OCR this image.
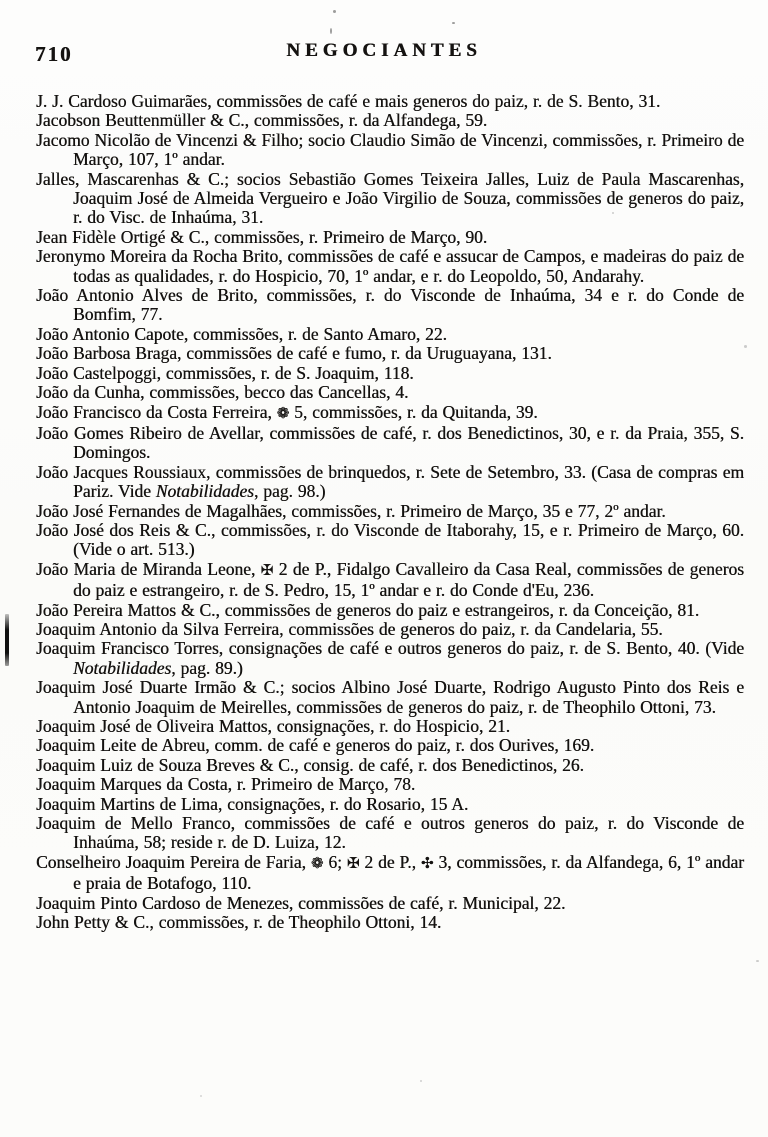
710	NEGOCIANTES
J. J. Cardoso Guimarães, commissões de café e mais generos do paiz, r. de S. Bento, 31.
Jacobson Beuttenmüller & C., commissões, r. da Alfandega, 59.
Jacomo Nicolão de Vincenzi & Filho; socio Claudio Simão de Vincenzi, commissões, r. Primeiro de Março, 107, 1º andar.
Jalles, Mascarenhas & C.; socios Sebastião Gomes Teixeira Jalles, Luiz de Paula Mascarenhas, Joaquim José de Almeida Vergueiro e João Virgilio de Souza, commissões de generos do paiz, r. do Visc. de Inhaúma, 31.
Jean Fidèle Ortigé & C., commissões, r. Primeiro de Março, 90.
Jeronymo Moreira da Rocha Brito, commissões de café e assucar de Campos, e madeiras do paiz de todas as qualidades, r. do Hospicio, 70, 1º andar, e r. do Leopoldo, 50, Andarahy.
João Antonio Alves de Brito, commissões, r. do Visconde de Inhaúma, 34 e r. do Conde de Bomfim, 77.
João Antonio Capote, commissões, r. de Santo Amaro, 22.
João Barbosa Braga, commissões de café e fumo, r. da Uruguayana, 131.
João Castelpoggi, commissões, r. de S. Joaquim, 118.
João da Cunha, commissões, becco das Cancellas, 4.
João Francisco da Costa Ferreira, ❁ 5, commissões, r. da Quitanda, 39.
João Gomes Ribeiro de Avellar, commissões de café, r. dos Benedictinos, 30, e r. da Praia, 355, S. Domingos.
João Jacques Roussiaux, commissões de brinquedos, r. Sete de Setembro, 33. (Casa de compras em Pariz. Vide Notabilidades, pag. 98.)
João José Fernandes de Magalhães, commissões, r. Primeiro de Março, 35 e 77, 2º andar.
João José dos Reis & C., commissões, r. do Visconde de Itaborahy, 15, e r. Primeiro de Março, 60. (Vide o art. 513.)
João Maria de Miranda Leone, ✠ 2 de P., Fidalgo Cavalleiro da Casa Real, commissões de generos do paiz e estrangeiro, r. de S. Pedro, 15, 1º andar e r. do Conde d'Eu, 236.
João Pereira Mattos & C., commissões de generos do paiz e estrangeiros, r. da Conceição, 81.
Joaquim Antonio da Silva Ferreira, commissões de generos do paiz, r. da Candelaria, 55.
Joaquim Francisco Torres, consignações de café e outros generos do paiz, r. de S. Bento, 40. (Vide Notabilidades, pag. 89.)
Joaquim José Duarte Irmão & C.; socios Albino José Duarte, Rodrigo Augusto Pinto dos Reis e Antonio Joaquim de Meirelles, commissões de generos do paiz, r. de Theophilo Ottoni, 73.
Joaquim José de Oliveira Mattos, consignações, r. do Hospicio, 21.
Joaquim Leite de Abreu, comm. de café e generos do paiz, r. dos Ourives, 169.
Joaquim Luiz de Souza Breves & C., consig. de café, r. dos Benedictinos, 26.
Joaquim Marques da Costa, r. Primeiro de Março, 78.
Joaquim Martins de Lima, consignações, r. do Rosario, 15 A.
Joaquim de Mello Franco, commissões de café e outros generos do paiz, r. do Visconde de Inhaúma, 58; reside r. de D. Luiza, 12.
Conselheiro Joaquim Pereira de Faria, ❁ 6; ✠ 2 de P., ✣ 3, commissões, r. da Alfandega, 6, 1º andar e praia de Botafogo, 110.
Joaquim Pinto Cardoso de Menezes, commissões de café, r. Municipal, 22.
John Petty & C., commissões, r. de Theophilo Ottoni, 14.
